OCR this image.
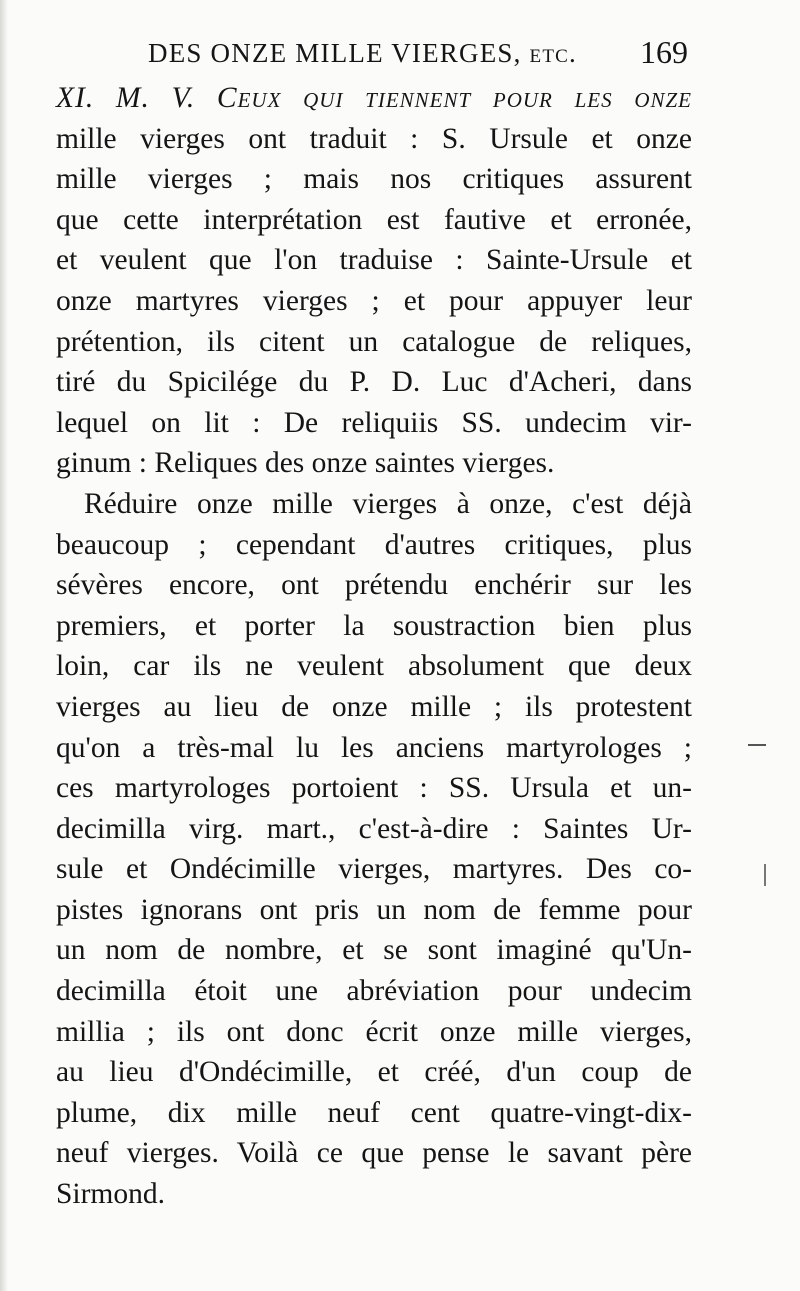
DES ONZE MILLE VIERGES, etc. 169
XI. M. V. Ceux qui tiennent pour les onze
mille vierges ont traduit : S. Ursule et onze
mille vierges ; mais nos critiques assurent
que cette interprétation est fautive et erronée,
et veulent que l'on traduise : Sainte-Ursule et
onze martyres vierges ; et pour appuyer leur
prétention, ils citent un catalogue de reliques,
tiré du Spicilége du P. D. Luc d'Acheri, dans
lequel on lit : De reliquiis SS. undecim vir-
ginum : Reliques des onze saintes vierges.
Réduire onze mille vierges à onze, c'est déjà
beaucoup ; cependant d'autres critiques, plus
sévères encore, ont prétendu enchérir sur les
premiers, et porter la soustraction bien plus
loin, car ils ne veulent absolument que deux
vierges au lieu de onze mille ; ils protestent
qu'on a très-mal lu les anciens martyrologes ;
ces martyrologes portoient : SS. Ursula et un-
decimilla virg. mart., c'est-à-dire : Saintes Ur-
sule et Ondécimille vierges, martyres. Des co-
pistes ignorans ont pris un nom de femme pour
un nom de nombre, et se sont imaginé qu'Un-
decimilla étoit une abréviation pour undecim
millia ; ils ont donc écrit onze mille vierges,
au lieu d'Ondécimille, et créé, d'un coup de
plume, dix mille neuf cent quatre-vingt-dix-
neuf vierges. Voilà ce que pense le savant père
Sirmond.
